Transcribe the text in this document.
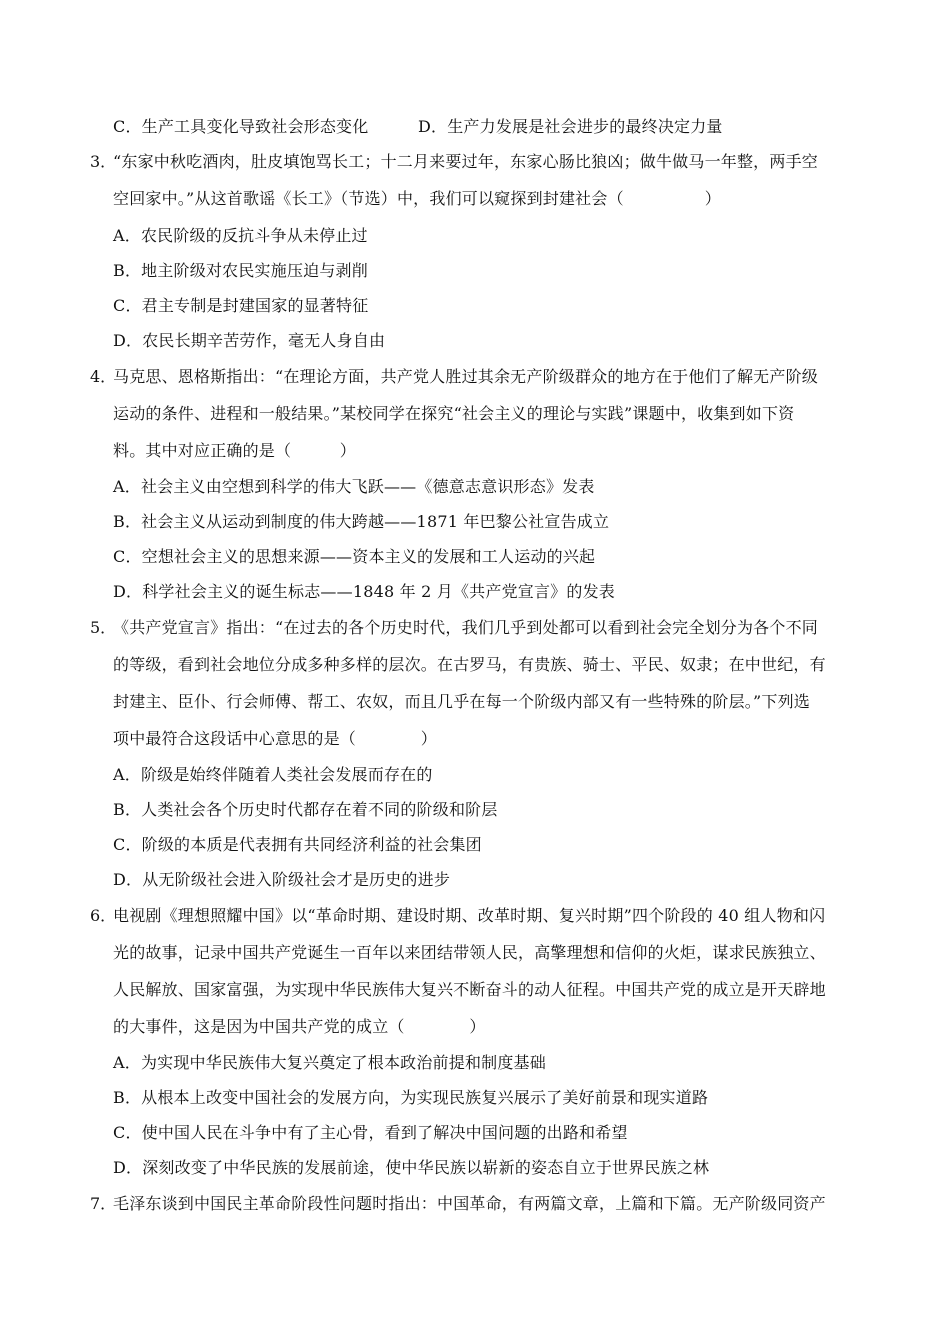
C．生产工具变化导致社会形态变化	D．生产力发展是社会进步的最终决定力量
3．
“东家中秋吃酒肉，肚皮填饱骂长工；十二月来要过年，东家心肠比狼凶；做牛做马一年整，两手空
空回家中。”从这首歌谣《长工》（节选）中，我们可以窥探到封建社会（　　　　　）
A．农民阶级的反抗斗争从未停止过
B．地主阶级对农民实施压迫与剥削
C．君主专制是封建国家的显著特征
D．农民长期辛苦劳作，毫无人身自由
4．
马克思、恩格斯指出：“在理论方面，共产党人胜过其余无产阶级群众的地方在于他们了解无产阶级
运动的条件、进程和一般结果。”某校同学在探究“社会主义的理论与实践”课题中，收集到如下资
料。其中对应正确的是（　　　）
A．社会主义由空想到科学的伟大飞跃——《德意志意识形态》发表
B．社会主义从运动到制度的伟大跨越——1871 年巴黎公社宣告成立
C．空想社会主义的思想来源——资本主义的发展和工人运动的兴起
D．科学社会主义的诞生标志——1848 年 2 月《共产党宣言》的发表
5．
《共产党宣言》指出：“在过去的各个历史时代，我们几乎到处都可以看到社会完全划分为各个不同
的等级，看到社会地位分成多种多样的层次。在古罗马，有贵族、骑士、平民、奴隶；在中世纪，有
封建主、臣仆、行会师傅、帮工、农奴，而且几乎在每一个阶级内部又有一些特殊的阶层。”下列选
项中最符合这段话中心意思的是（　　　　）
A．阶级是始终伴随着人类社会发展而存在的
B．人类社会各个历史时代都存在着不同的阶级和阶层
C．阶级的本质是代表拥有共同经济利益的社会集团
D．从无阶级社会进入阶级社会才是历史的进步
6．
电视剧《理想照耀中国》以“革命时期、建设时期、改革时期、复兴时期”四个阶段的 40 组人物和闪
光的故事，记录中国共产党诞生一百年以来团结带领人民，高擎理想和信仰的火炬，谋求民族独立、
人民解放、国家富强，为实现中华民族伟大复兴不断奋斗的动人征程。中国共产党的成立是开天辟地
的大事件，这是因为中国共产党的成立（　　　　）
A．为实现中华民族伟大复兴奠定了根本政治前提和制度基础
B．从根本上改变中国社会的发展方向，为实现民族复兴展示了美好前景和现实道路
C．使中国人民在斗争中有了主心骨，看到了解决中国问题的出路和希望
D．深刻改变了中华民族的发展前途，使中华民族以崭新的姿态自立于世界民族之林
7．
毛泽东谈到中国民主革命阶段性问题时指出：中国革命，有两篇文章，上篇和下篇。无产阶级同资产
